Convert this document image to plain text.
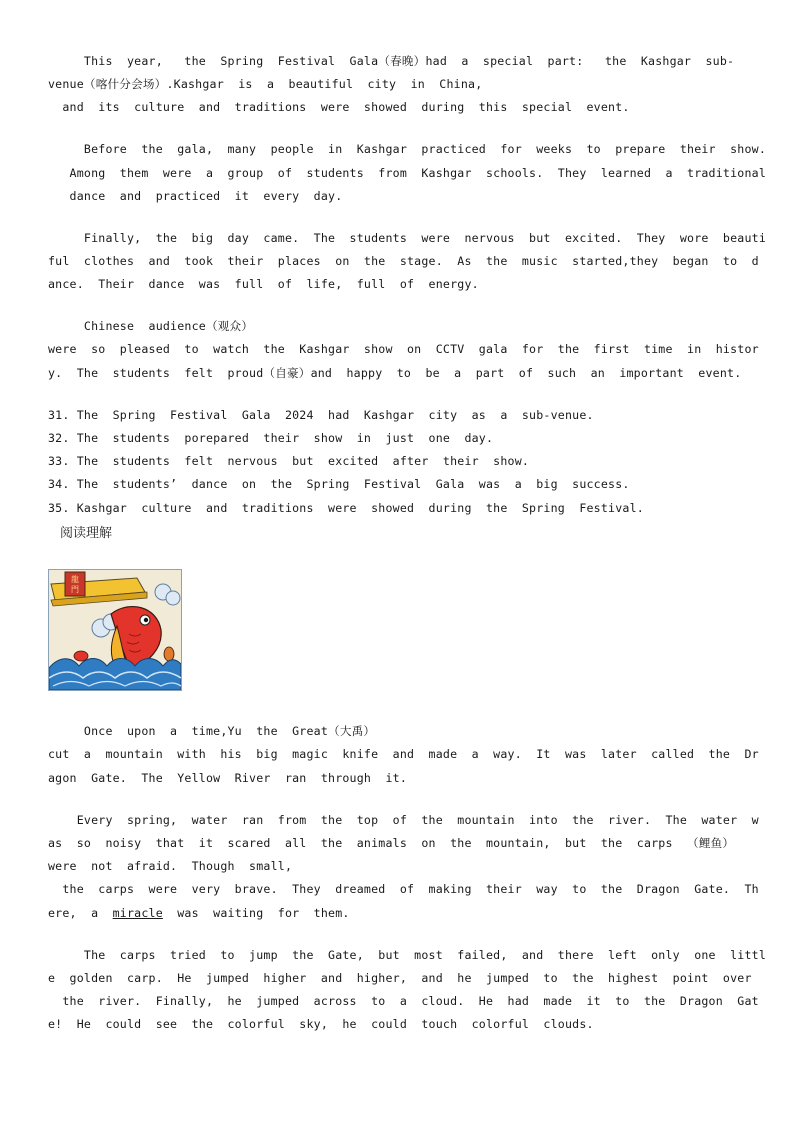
This  year,   the  Spring  Festival  Gala（春晚）had  a  special  part:   the  Kashgar  sub-
venue（喀什分会场）.Kashgar  is  a  beautiful  city  in  China,
and  its  culture  and  traditions  were  showed  during  this  special  event.
Before  the  gala,  many  people  in  Kashgar  practiced  for  weeks  to  prepare  their  show.
Among  them  were  a  group  of  students  from  Kashgar  schools.  They  learned  a  traditional
dance  and  practiced  it  every  day.
Finally,  the  big  day  came.  The  students  were  nervous  but  excited.  They  wore  beauti
ful  clothes  and  took  their  places  on  the  stage.  As  the  music  started,they  began  to  d
ance.  Their  dance  was  full  of  life,  full  of  energy.
Chinese  audience（观众）
were  so  pleased  to  watch  the  Kashgar  show  on  CCTV  gala  for  the  first  time  in  histor
y.  The  students  felt  proud（自豪）and  happy  to  be  a  part  of  such  an  important  event.
31. The  Spring  Festival  Gala  2024  had  Kashgar  city  as  a  sub-venue.
32. The  students  porepared  their  show  in  just  one  day.
33. The  students  felt  nervous  but  excited  after  their  show.
34. The  students’  dance  on  the  Spring  Festival  Gala  was  a  big  success.
35. Kashgar  culture  and  traditions  were  showed  during  the  Spring  Festival.
阅读理解
龍
門
Once  upon  a  time,Yu  the  Great（大禹）
cut  a  mountain  with  his  big  magic  knife  and  made  a  way.  It  was  later  called  the  Dr
agon  Gate.  The  Yellow  River  ran  through  it.
Every  spring,  water  ran  from  the  top  of  the  mountain  into  the  river.  The  water  w
as  so  noisy  that  it  scared  all  the  animals  on  the  mountain,  but  the  carps  （鲤鱼）
were  not  afraid.  Though  small,
the  carps  were  very  brave.  They  dreamed  of  making  their  way  to  the  Dragon  Gate.  Th
ere,  a  miracle  was  waiting  for  them.
The  carps  tried  to  jump  the  Gate,  but  most  failed,  and  there  left  only  one  littl
e  golden  carp.  He  jumped  higher  and  higher,  and  he  jumped  to  the  highest  point  over
the  river.  Finally,  he  jumped  across  to  a  cloud.  He  had  made  it  to  the  Dragon  Gat
e!  He  could  see  the  colorful  sky,  he  could  touch  colorful  clouds.
